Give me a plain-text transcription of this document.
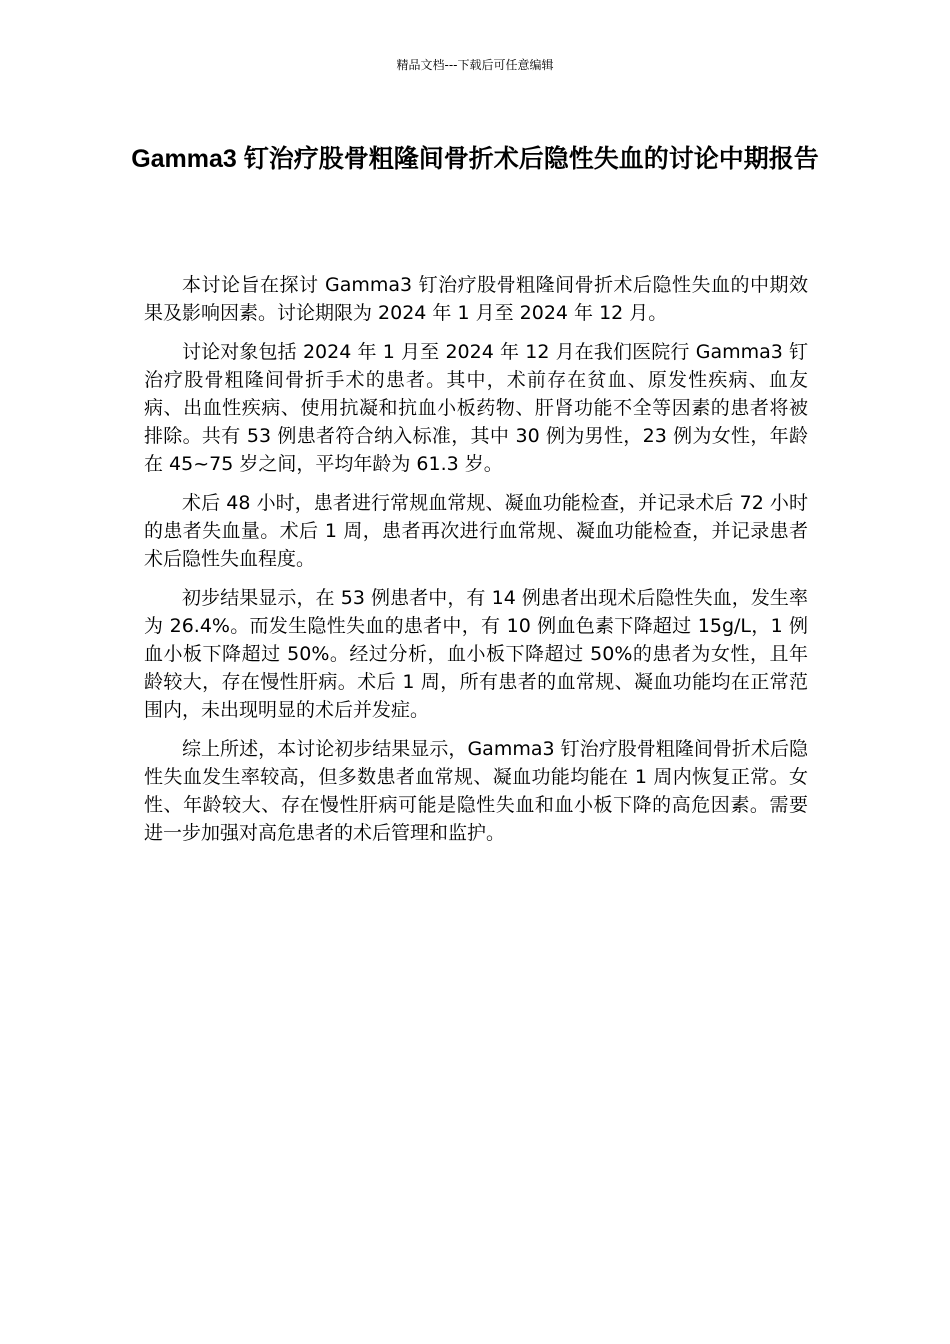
精品文档---下载后可任意编辑
Gamma3 钉治疗股骨粗隆间骨折术后隐性失血的讨论中期报告

本讨论旨在探讨 Gamma3 钉治疗股骨粗隆间骨折术后隐性失血的中期效果及影响因素。讨论期限为 2024 年 1 月至 2024 年 12 月。

讨论对象包括 2024 年 1 月至 2024 年 12 月在我们医院行 Gamma3 钉治疗股骨粗隆间骨折手术的患者。其中，术前存在贫血、原发性疾病、血友病、出血性疾病、使用抗凝和抗血小板药物、肝肾功能不全等因素的患者将被排除。共有 53 例患者符合纳入标准，其中 30 例为男性，23 例为女性，年龄在 45~75 岁之间，平均年龄为 61.3 岁。

术后 48 小时，患者进行常规血常规、凝血功能检查，并记录术后 72 小时的患者失血量。术后 1 周，患者再次进行血常规、凝血功能检查，并记录患者术后隐性失血程度。

初步结果显示，在 53 例患者中，有 14 例患者出现术后隐性失血，发生率为 26.4%。而发生隐性失血的患者中，有 10 例血色素下降超过 15g/L，1 例血小板下降超过 50%。经过分析，血小板下降超过 50%的患者为女性，且年龄较大，存在慢性肝病。术后 1 周，所有患者的血常规、凝血功能均在正常范围内，未出现明显的术后并发症。

综上所述，本讨论初步结果显示，Gamma3 钉治疗股骨粗隆间骨折术后隐性失血发生率较高，但多数患者血常规、凝血功能均能在 1 周内恢复正常。女性、年龄较大、存在慢性肝病可能是隐性失血和血小板下降的高危因素。需要进一步加强对高危患者的术后管理和监护。
